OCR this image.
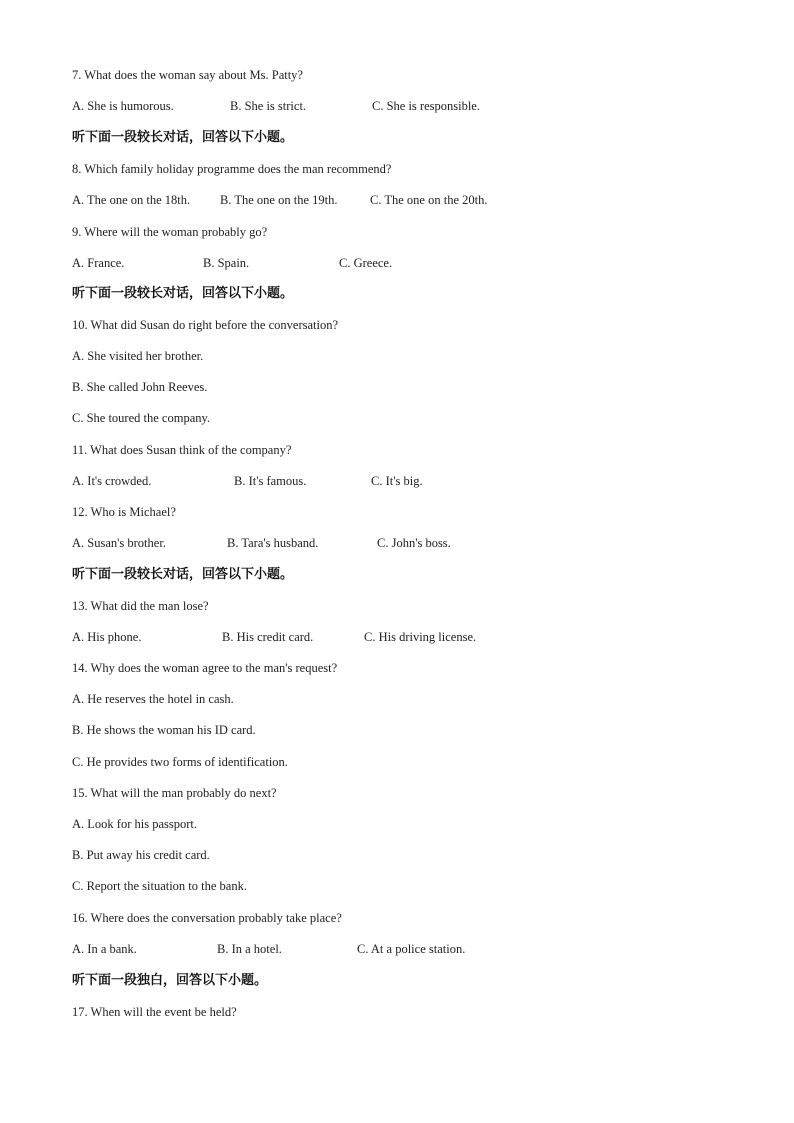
7. What does the woman say about Ms. Patty?
A. She is humorous.	B. She is strict.	C. She is responsible.
听下面一段较长对话，回答以下小题。
8. Which family holiday programme does the man recommend?
A. The one on the 18th. B. The one on the 19th.	C. The one on the 20th.
9. Where will the woman probably go?
A. France.	B. Spain.	C. Greece.
听下面一段较长对话，回答以下小题。
10. What did Susan do right before the conversation?
A. She visited her brother.
B. She called John Reeves.
C. She toured the company.
11. What does Susan think of the company?
A. It's crowded.	B. It's famous.	C. It's big.
12. Who is Michael?
A. Susan's brother.	B. Tara's husband.	C. John's boss.
听下面一段较长对话，回答以下小题。
13. What did the man lose?
A. His phone.	B. His credit card.	C. His driving license.
14. Why does the woman agree to the man's request?
A. He reserves the hotel in cash.
B. He shows the woman his ID card.
C. He provides two forms of identification.
15. What will the man probably do next?
A. Look for his passport.
B. Put away his credit card.
C. Report the situation to the bank.
16. Where does the conversation probably take place?
A. In a bank.	B. In a hotel.	C. At a police station.
听下面一段独白，回答以下小题。
17. When will the event be held?
